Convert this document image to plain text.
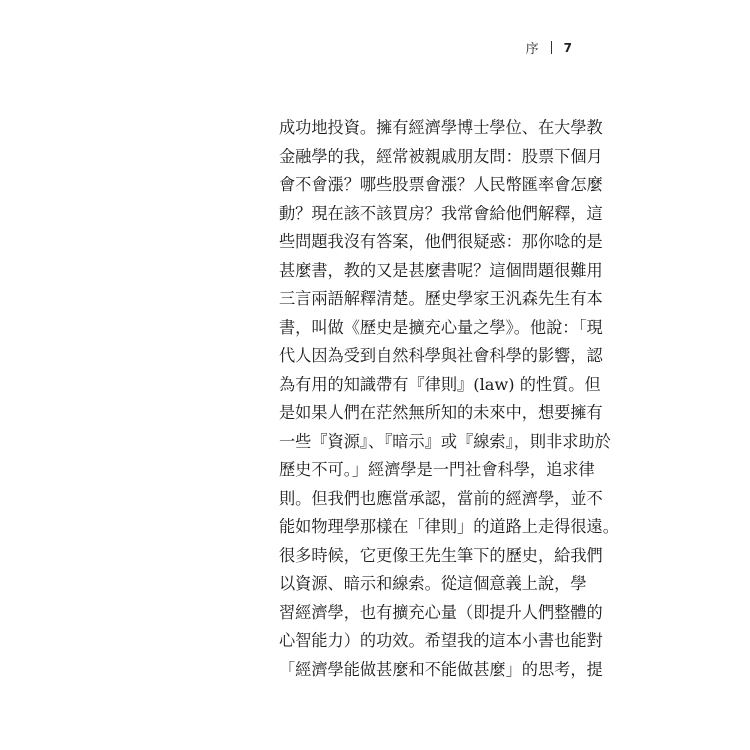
序 7
成功地投資。擁有經濟學博士學位、在大學教
金融學的我，經常被親戚朋友問：股票下個月
會不會漲？哪些股票會漲？人民幣匯率會怎麼
動？現在該不該買房？我常會給他們解釋，這
些問題我沒有答案，他們很疑惑：那你唸的是
甚麼書，教的又是甚麼書呢？這個問題很難用
三言兩語解釋清楚。歷史學家王汎森先生有本
書，叫做《歷史是擴充心量之學》。他說：「現
代人因為受到自然科學與社會科學的影響，認
為有用的知識帶有『律則』(law) 的性質。但
是如果人們在茫然無所知的未來中，想要擁有
一些『資源』、『暗示』或『線索』，則非求助於
歷史不可。」經濟學是一門社會科學，追求律
則。但我們也應當承認，當前的經濟學，並不
能如物理學那樣在「律則」的道路上走得很遠。
很多時候，它更像王先生筆下的歷史，給我們
以資源、暗示和線索。從這個意義上說，學
習經濟學，也有擴充心量（即提升人們整體的
心智能力）的功效。希望我的這本小書也能對
「經濟學能做甚麼和不能做甚麼」的思考，提
